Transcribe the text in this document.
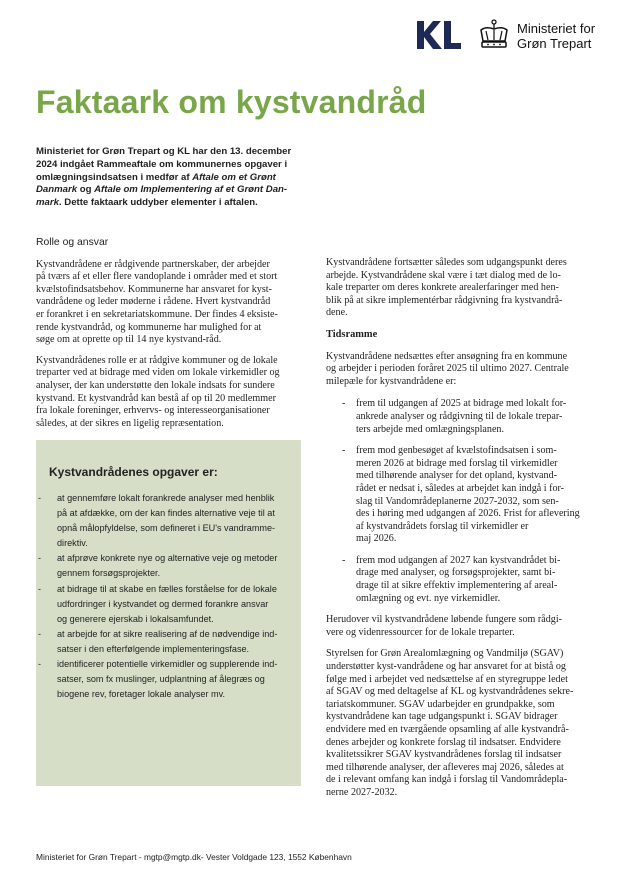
Ministeriet for
Grøn Trepart
Faktaark om kystvandråd
Ministeriet for Grøn Trepart og KL har den 13. december
2024 indgået Rammeaftale om kommunernes opgaver i
omlægningsindsatsen i medfør af Aftale om et Grønt
Danmark og Aftale om Implementering af et Grønt Dan-
mark. Dette faktaark uddyber elementer i aftalen.
Rolle og ansvar

Kystvandrådene er rådgivende partnerskaber, der arbejder
på tværs af et eller flere vandoplande i områder med et stort
kvælstofindsatsbehov. Kommunerne har ansvaret for kyst-
vandrådene og leder møderne i rådene. Hvert kystvandråd
er forankret i en sekretariatskommune. Der findes 4 eksiste-
rende kystvandråd, og kommunerne har mulighed for at
søge om at oprette op til 14 nye kystvand-råd.

Kystvandrådenes rolle er at rådgive kommuner og de lokale
treparter ved at bidrage med viden om lokale virkemidler og
analyser, der kan understøtte den lokale indsats for sundere
kystvand. Et kystvandråd kan bestå af op til 20 medlemmer
fra lokale foreninger, erhvervs- og interesseorganisationer
således, at der sikres en ligelig repræsentation.

Kystvandrådenes opgaver er:
- at gennemføre lokalt forankrede analyser med henblik
på at afdække, om der kan findes alternative veje til at
opnå målopfyldelse, som defineret i EU's vandramme-
direktiv.
- at afprøve konkrete nye og alternative veje og metoder
gennem forsøgsprojekter.
- at bidrage til at skabe en fælles forståelse for de lokale
udfordringer i kystvandet og dermed forankre ansvar
og generere ejerskab i lokalsamfundet.
- at arbejde for at sikre realisering af de nødvendige ind-
satser i den efterfølgende implementeringsfase.
- identificerer potentielle virkemidler og supplerende ind-
satser, som fx muslinger, udplantning af ålegræs og
biogene rev, foretager lokale analyser mv.

Kystvandrådene fortsætter således som udgangspunkt deres
arbejde. Kystvandrådene skal være i tæt dialog med de lo-
kale treparter om deres konkrete arealerfaringer med hen-
blik på at sikre implementérbar rådgivning fra kystvandrå-
dene.

Tidsramme

Kystvandrådene nedsættes efter ansøgning fra en kommune
og arbejder i perioden foråret 2025 til ultimo 2027. Centrale
milepæle for kystvandrådene er:

- frem til udgangen af 2025 at bidrage med lokalt for-
ankrede analyser og rådgivning til de lokale trepar-
ters arbejde med omlægningsplanen.
- frem mod genbesøget af kvælstofindsatsen i som-
meren 2026 at bidrage med forslag til virkemidler
med tilhørende analyser for det opland, kystvand-
rådet er nedsat i, således at arbejdet kan indgå i for-
slag til Vandområdeplanerne 2027-2032, som sen-
des i høring med udgangen af 2026. Frist for aflevering
af kystvandrådets forslag til virkemidler er
maj 2026.
- frem mod udgangen af 2027 kan kystvandrådet bi-
drage med analyser, og forsøgsprojekter, samt bi-
drage til at sikre effektiv implementering af areal-
omlægning og evt. nye virkemidler.

Herudover vil kystvandrådene løbende fungere som rådgi-
vere og videnressourcer for de lokale treparter.

Styrelsen for Grøn Arealomlægning og Vandmiljø (SGAV)
understøtter kyst-vandrådene og har ansvaret for at bistå og
følge med i arbejdet ved nedsættelse af en styregruppe ledet
af SGAV og med deltagelse af KL og kystvandrådenes sekre-
tariatskommuner. SGAV udarbejder en grundpakke, som
kystvandrådene kan tage udgangspunkt i. SGAV bidrager
endvidere med en tværgående opsamling af alle kystvandrå-
denes arbejder og konkrete forslag til indsatser. Endvidere
kvalitetssikrer SGAV kystvandrådenes forslag til indsatser
med tilhørende analyser, der afleveres maj 2026, således at
de i relevant omfang kan indgå i forslag til Vandområdepla-
nerne 2027-2032.

Ministeriet for Grøn Trepart - mgtp@mgtp.dk- Vester Voldgade 123, 1552 København
